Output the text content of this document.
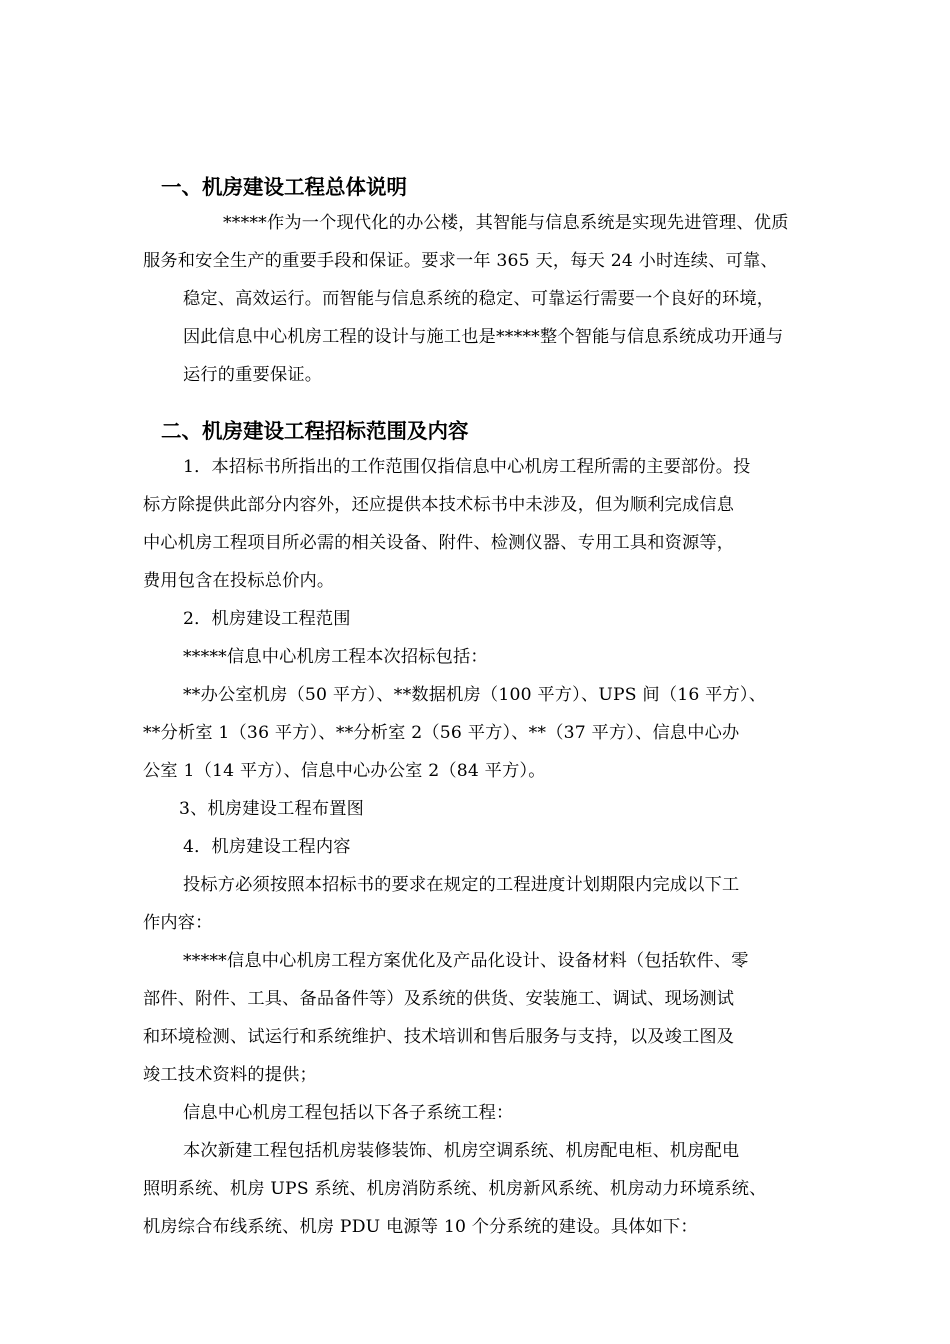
一、机房建设工程总体说明

*****作为一个现代化的办公楼，其智能与信息系统是实现先进管理、优质
服务和安全生产的重要手段和保证。要求一年 365 天，每天 24 小时连续、可靠、
稳定、高效运行。而智能与信息系统的稳定、可靠运行需要一个良好的环境，
因此信息中心机房工程的设计与施工也是*****整个智能与信息系统成功开通与
运行的重要保证。

二、机房建设工程招标范围及内容

1．本招标书所指出的工作范围仅指信息中心机房工程所需的主要部份。投
标方除提供此部分内容外，还应提供本技术标书中未涉及，但为顺利完成信息
中心机房工程项目所必需的相关设备、附件、检测仪器、专用工具和资源等，
费用包含在投标总价内。

2．机房建设工程范围

*****信息中心机房工程本次招标包括：

**办公室机房（50 平方）、**数据机房（100 平方）、UPS 间（16 平方）、
**分析室 1（36 平方）、**分析室 2（56 平方）、**（37 平方）、信息中心办
公室 1（14 平方）、信息中心办公室 2（84 平方）。

3、机房建设工程布置图

4．机房建设工程内容

投标方必须按照本招标书的要求在规定的工程进度计划期限内完成以下工
作内容：

*****信息中心机房工程方案优化及产品化设计、设备材料（包括软件、零
部件、附件、工具、备品备件等）及系统的供货、安装施工、调试、现场测试
和环境检测、试运行和系统维护、技术培训和售后服务与支持，以及竣工图及
竣工技术资料的提供；

信息中心机房工程包括以下各子系统工程：

本次新建工程包括机房装修装饰、机房空调系统、机房配电柜、机房配电
照明系统、机房 UPS 系统、机房消防系统、机房新风系统、机房动力环境系统、
机房综合布线系统、机房 PDU 电源等 10 个分系统的建设。具体如下：
